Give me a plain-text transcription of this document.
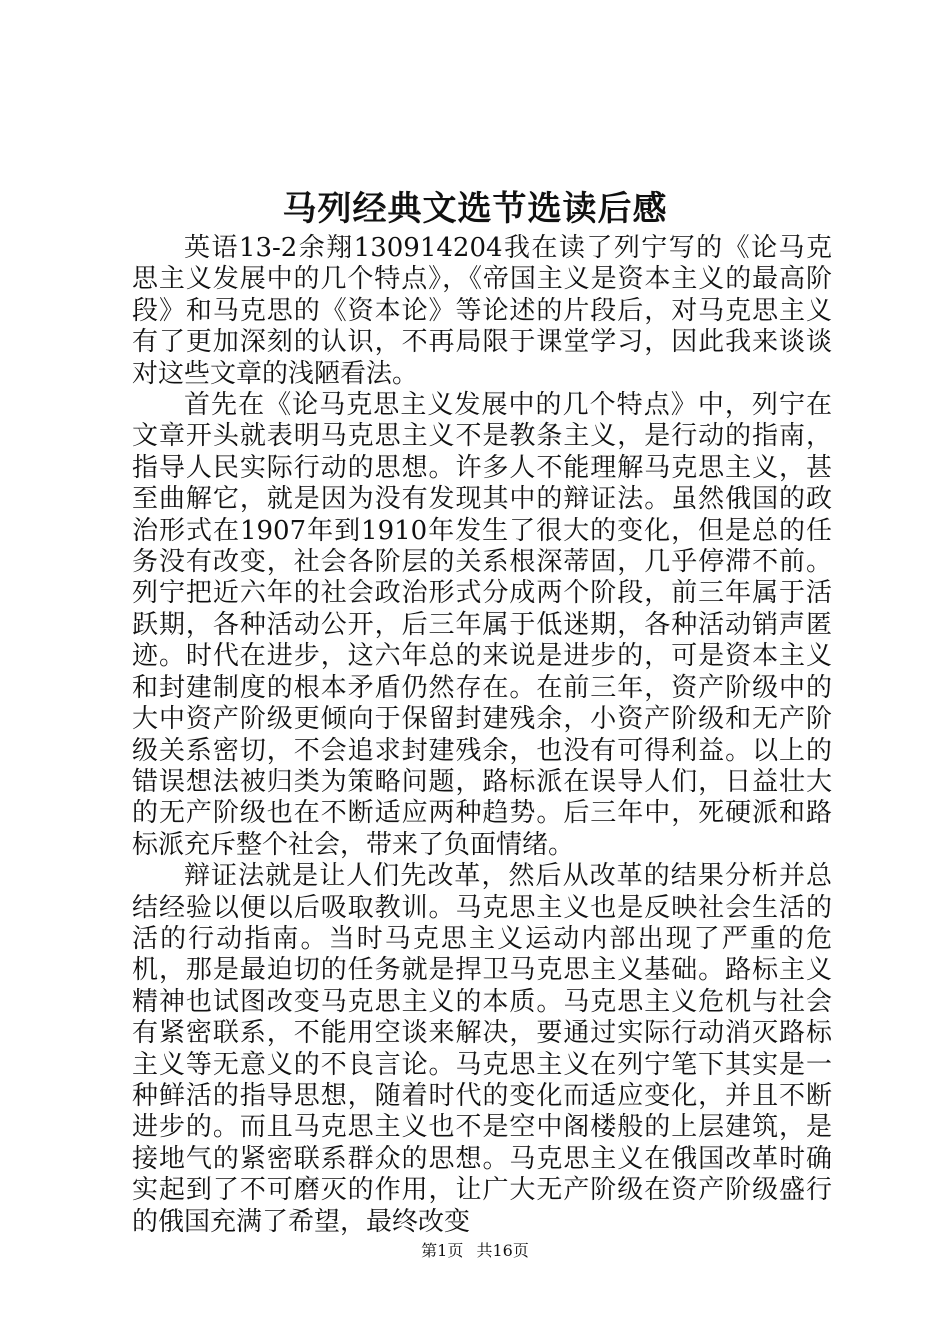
马列经典文选节选读后感

英语13-2余翔130914204我在读了列宁写的《论马克思主义发展中的几个特点》，《帝国主义是资本主义的最高阶段》和马克思的《资本论》等论述的片段后，对马克思主义有了更加深刻的认识，不再局限于课堂学习，因此我来谈谈对这些文章的浅陋看法。

首先在《论马克思主义发展中的几个特点》中，列宁在文章开头就表明马克思主义不是教条主义，是行动的指南，指导人民实际行动的思想。许多人不能理解马克思主义，甚至曲解它，就是因为没有发现其中的辩证法。虽然俄国的政治形式在1907年到1910年发生了很大的变化，但是总的任务没有改变，社会各阶层的关系根深蒂固，几乎停滞不前。列宁把近六年的社会政治形式分成两个阶段，前三年属于活跃期，各种活动公开，后三年属于低迷期，各种活动销声匿迹。时代在进步，这六年总的来说是进步的，可是资本主义和封建制度的根本矛盾仍然存在。在前三年，资产阶级中的大中资产阶级更倾向于保留封建残余，小资产阶级和无产阶级关系密切，不会追求封建残余，也没有可得利益。以上的错误想法被归类为策略问题，路标派在误导人们，日益壮大的无产阶级也在不断适应两种趋势。后三年中，死硬派和路标派充斥整个社会，带来了负面情绪。

辩证法就是让人们先改革，然后从改革的结果分析并总结经验以便以后吸取教训。马克思主义也是反映社会生活的活的行动指南。当时马克思主义运动内部出现了严重的危机，那是最迫切的任务就是捍卫马克思主义基础。路标主义精神也试图改变马克思主义的本质。马克思主义危机与社会有紧密联系，不能用空谈来解决，要通过实际行动消灭路标主义等无意义的不良言论。马克思主义在列宁笔下其实是一种鲜活的指导思想，随着时代的变化而适应变化，并且不断进步的。而且马克思主义也不是空中阁楼般的上层建筑，是接地气的紧密联系群众的思想。马克思主义在俄国改革时确实起到了不可磨灭的作用，让广大无产阶级在资产阶级盛行的俄国充满了希望，最终改变

第1页 共16页
